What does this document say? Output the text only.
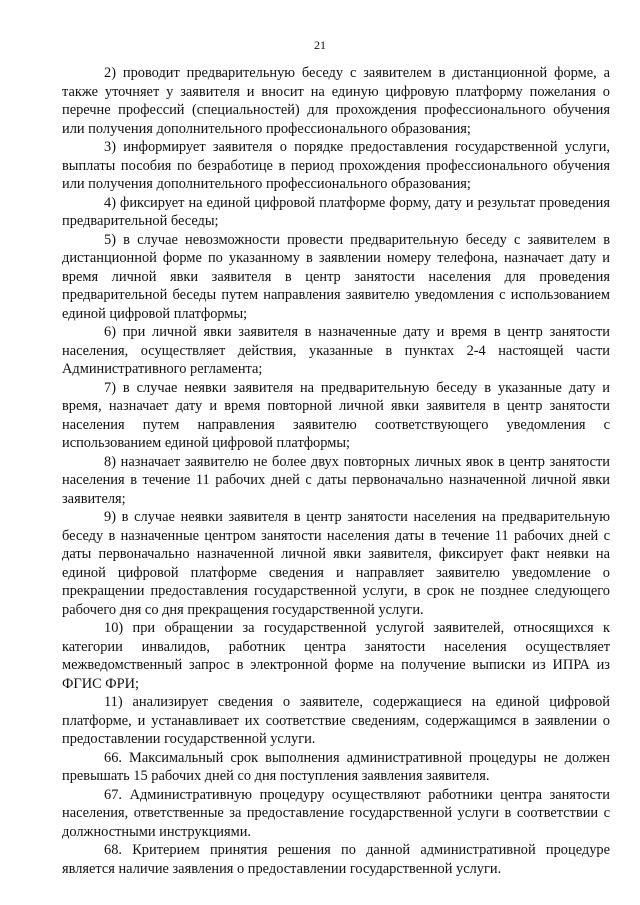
21

2) проводит предварительную беседу с заявителем в дистанционной форме, а также уточняет у заявителя и вносит на единую цифровую платформу пожелания о перечне профессий (специальностей) для прохождения профессионального обучения или получения дополнительного профессионального образования;

3) информирует заявителя о порядке предоставления государственной услуги, выплаты пособия по безработице в период прохождения профессионального обучения или получения дополнительного профессионального образования;

4) фиксирует на единой цифровой платформе форму, дату и результат проведения предварительной беседы;

5) в случае невозможности провести предварительную беседу с заявителем в дистанционной форме по указанному в заявлении номеру телефона, назначает дату и время личной явки заявителя в центр занятости населения для проведения предварительной беседы путем направления заявителю уведомления с использованием единой цифровой платформы;

6) при личной явки заявителя в назначенные дату и время в центр занятости населения, осуществляет действия, указанные в пунктах 2-4 настоящей части Административного регламента;

7) в случае неявки заявителя на предварительную беседу в указанные дату и время, назначает дату и время повторной личной явки заявителя в центр занятости населения путем направления заявителю соответствующего уведомления с использованием единой цифровой платформы;

8) назначает заявителю не более двух повторных личных явок в центр занятости населения в течение 11 рабочих дней с даты первоначально назначенной личной явки заявителя;

9) в случае неявки заявителя в центр занятости населения на предварительную беседу в назначенные центром занятости населения даты в течение 11 рабочих дней с даты первоначально назначенной личной явки заявителя, фиксирует факт неявки на единой цифровой платформе сведения и направляет заявителю уведомление о прекращении предоставления государственной услуги, в срок не позднее следующего рабочего дня со дня прекращения государственной услуги.

10) при обращении за государственной услугой заявителей, относящихся к категории инвалидов, работник центра занятости населения осуществляет межведомственный запрос в электронной форме на получение выписки из ИПРА из ФГИС ФРИ;

11) анализирует сведения о заявителе, содержащиеся на единой цифровой платформе, и устанавливает их соответствие сведениям, содержащимся в заявлении о предоставлении государственной услуги.

66. Максимальный срок выполнения административной процедуры не должен превышать 15 рабочих дней со дня поступления заявления заявителя.

67. Административную процедуру осуществляют работники центра занятости населения, ответственные за предоставление государственной услуги в соответствии с должностными инструкциями.

68. Критерием принятия решения по данной административной процедуре является наличие заявления о предоставлении государственной услуги.
